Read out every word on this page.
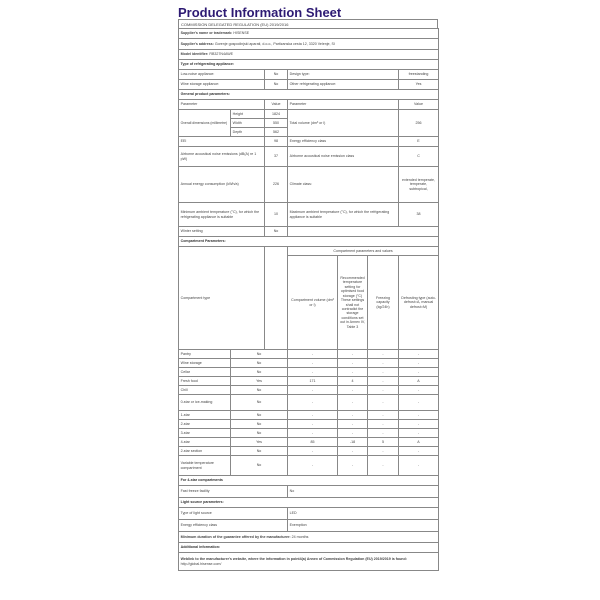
Product Information Sheet
COMMISSION DELEGATED REGULATION (EU) 2019/2016
Supplier's name or trademark: HISENSE						
Supplier's address: Gorenje gospodinjski aparati, d.o.o., Partizanska cesta 12, 3320 Velenje, SI						
Model identifier: RB327N4AWE						
Type of refrigerating appliance:						
Low-noise appliance:		No	Design type:			freestanding
Wine storage appliance:		No	Other refrigerating appliance:			Yes
General product parameters:						
Parameter		Value	Parameter			Value
Overall dimensions (millimetre)	Height	1824	Total volume (dm³ or l)			256
	Width	550				
	Depth	562				
EEI		98	Energy efficiency class			E
Airborne acoustical noise emissions (dB(A) re 1 pW)		37	Airborne acoustical noise emission class			C
Annual energy consumption (kWh/a)		226	Climate class:			extended temperate, temperate, subtropical,
Minimum ambient temperature (°C), for which the refrigerating appliance is suitable		10	Maximum ambient temperature (°C), for which the refrigerating appliance is suitable			38
Winter setting		No				
Compartment Parameters:						
Compartment type			Compartment parameters and values			
			Compartment volume (dm³ or l)	Recommended temperature setting for optimised food storage (°C) These settings shall not contradict the storage conditions set out in Annex IV, Table 3	Freezing capacity (kg/24h)	Defrosting type (auto-defrost=A, manual defrost=M)
Pantry	No		-	-	-	-
Wine storage	No		-	-	-	-
Cellar	No		-	-	-	-
Fresh food	Yes		171	4	-	A
Chill	No		-	-	-	-
0-star or ice-making	No		-	-	-	-
1-star	No		-	-	-	-
2-star	No		-	-	-	-
3-star	No		-	-	-	-
4-star	Yes		85	-18	5	A
2-star section	No		-	-	-	-
Variable temperature compartment	No		-	-	-	-
For 4-star compartments						
Fast freeze facility			No			
Light source parameters:						
Type of light source			LED			
Energy efficiency class			Exemption			
Minimum duration of the guarantee offered by the manufacturer: 24 months						
Additional information:						
Weblink to the manufacturer's website, where the information in point4(a) Annex of Commission Regulation (EU) 2019/2019 is found: http://global.hisense.com/						
